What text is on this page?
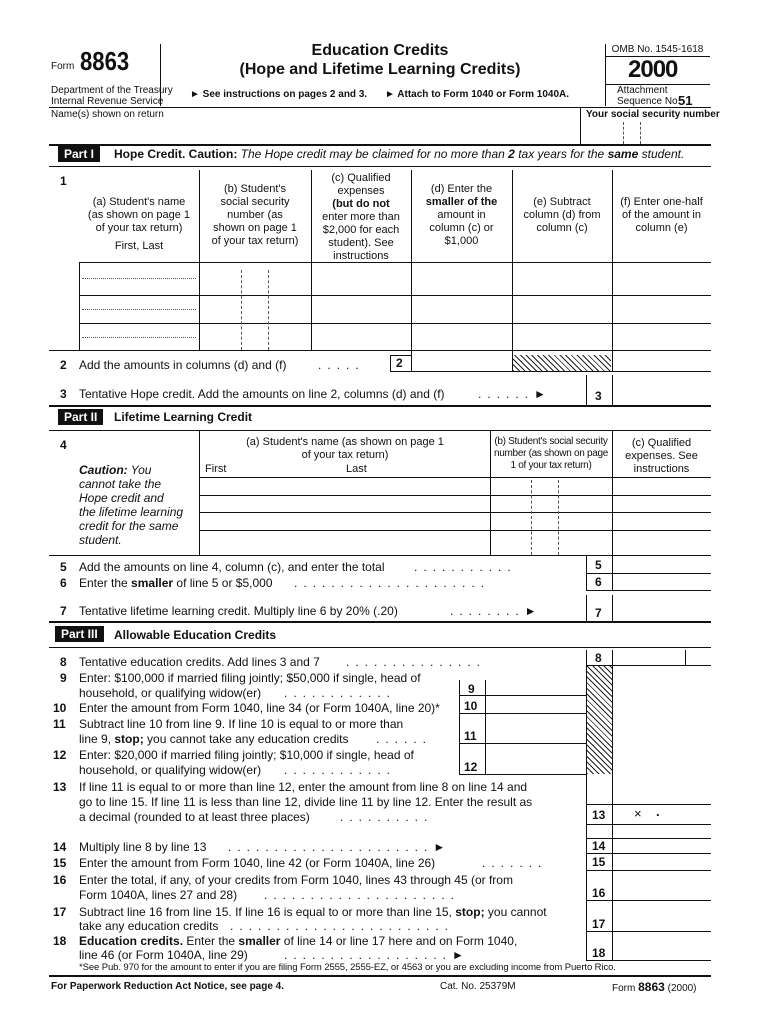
Form 8863
Department of the Treasury
Internal Revenue Service
Education Credits
(Hope and Lifetime Learning Credits)
► See instructions on pages 2 and 3. ► Attach to Form 1040 or Form 1040A.
OMB No. 1545-1618
2000
Attachment
Sequence No.
51
Name(s) shown on return	Your social security number
Part I	Hope Credit. Caution: The Hope credit may be claimed for no more than 2 tax years for the same student.
1
(a) Student's name
(as shown on page 1
of your tax return)
First, Last
(b) Student's
social security
number (as
shown on page 1
of your tax return)
(c) Qualified
expenses
(but do not
enter more than
$2,000 for each
student). See
instructions
(d) Enter the
smaller of the
amount in
column (c) or
$1,000
(e) Subtract
column (d) from
column (c)
(f) Enter one-half
of the amount in
column (e)
2 Add the amounts in columns (d) and (f)	.....	2
3 Tentative Hope credit. Add the amounts on line 2, columns (d) and (f)	......►	3
Part II	Lifetime Learning Credit
4	(a) Student's name (as shown on page 1
of your tax return)
First	Last
(b) Student's social security
number (as shown on page
1 of your tax return)
(c) Qualified
expenses. See
instructions
Caution: You
cannot take the
Hope credit and
the lifetime learning
credit for the same
student.
5 Add the amounts on line 4, column (c), and enter the total ...........
6 Enter the smaller of line 5 or $5,000 .....................
5
6
7 Tentative lifetime learning credit. Multiply line 6 by 20% (.20)	........►	7
Part III	Allowable Education Credits
8
9
10
11
12
8 Tentative education credits. Add lines 3 and 7 ...............
9 Enter: $100,000 if married filing jointly; $50,000 if single, head of
household, or qualifying widow(er) ............
10 Enter the amount from Form 1040, line 34 (or Form 1040A, line 20)*
11 Subtract line 10 from line 9. If line 10 is equal to or more than
line 9, stop; you cannot take any education credits ......
12 Enter: $20,000 if married filing jointly; $10,000 if single, head of
household, or qualifying widow(er) ............
13 If line 11 is equal to or more than line 12, enter the amount from line 8 on line 14 and
go to line 15. If line 11 is less than line 12, divide line 11 by line 12. Enter the result as
a decimal (rounded to at least three places)	..........	13 × .
14 Multiply line 8 by line 13 ......................►	14
15 Enter the amount from Form 1040, line 42 (or Form 1040A, line 26)	.......	15
16 Enter the total, if any, of your credits from Form 1040, lines 43 through 45 (or from
Form 1040A, lines 27 and 28) .....................	16
17 Subtract line 16 from line 15. If line 16 is equal to or more than line 15, stop; you cannot
take any education credits ........................	17
18 Education credits. Enter the smaller of line 14 or line 17 here and on Form 1040,
line 46 (or Form 1040A, line 29)	..................►	18
*See Pub. 970 for the amount to enter if you are filing Form 2555, 2555-EZ, or 4563 or you are excluding income from Puerto Rico.
For Paperwork Reduction Act Notice, see page 4.	Cat. No. 25379M	Form 8863 (2000)
